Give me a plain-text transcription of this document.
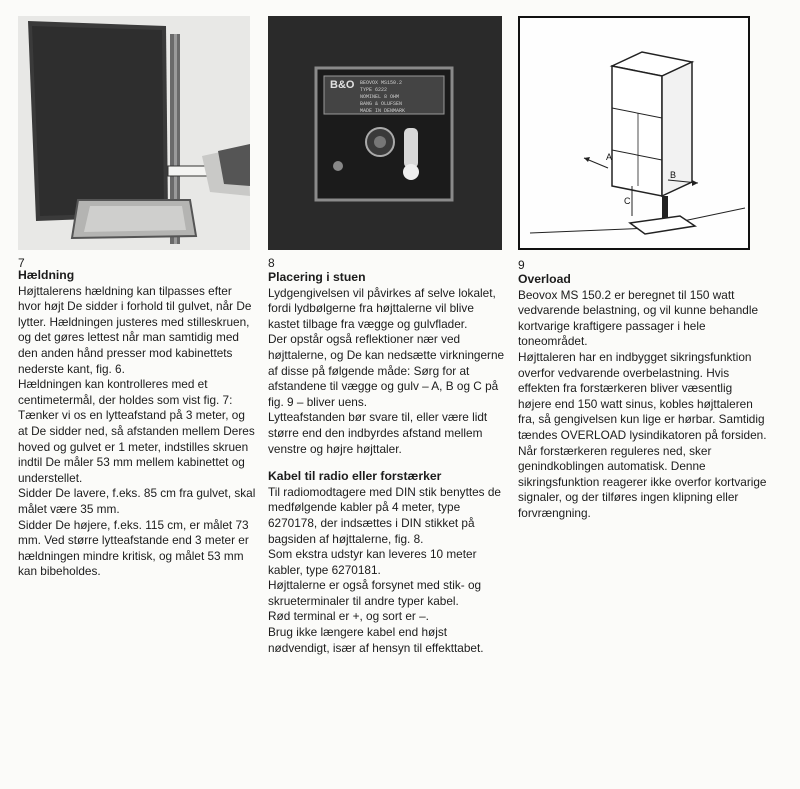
B&O BEOVOX MS150.2
TYPE 6222
NOMINEL 8 OHM
BANG & OLUFSEN
MADE IN DENMARK
A
B
C
7
Hældning

Højttalerens hældning kan tilpasses efter hvor højt De sidder i forhold til gulvet, når De lytter. Hældningen justeres med stilleskruen, og det gøres lettest når man samtidig med den anden hånd presser mod kabinettets nederste kant, fig. 6.

Hældningen kan kontrolleres med et centimetermål, der holdes som vist fig. 7:

Tænker vi os en lytteafstand på 3 meter, og at De sidder ned, så afstanden mellem Deres hoved og gulvet er 1 meter, indstilles skruen indtil De måler 53 mm mellem kabinettet og understellet.

Sidder De lavere, f.eks. 85 cm fra gulvet, skal målet være 35 mm.

Sidder De højere, f.eks. 115 cm, er målet 73 mm. Ved større lytteafstande end 3 meter er hældningen mindre kritisk, og målet 53 mm kan bibeholdes.

8
Placering i stuen

Lydgengivelsen vil påvirkes af selve lokalet, fordi lydbølgerne fra højttalerne vil blive kastet tilbage fra vægge og gulvflader.

Der opstår også reflektioner nær ved højttalerne, og De kan nedsætte virkningerne af disse på følgende måde: Sørg for at afstandene til vægge og gulv – A, B og C på fig. 9 – bliver uens.

Lytteafstanden bør svare til, eller være lidt større end den indbyrdes afstand mellem venstre og højre højttaler.

Kabel til radio eller forstærker

Til radiomodtagere med DIN stik benyttes de medfølgende kabler på 4 meter, type 6270178, der indsættes i DIN stikket på bagsiden af højttalerne, fig. 8.

Som ekstra udstyr kan leveres 10 meter kabler, type 6270181.

Højttalerne er også forsynet med stik- og skrueterminaler til andre typer kabel.

Rød terminal er +, og sort er –.

Brug ikke længere kabel end højst nødvendigt, især af hensyn til effekttabet.

9
Overload

Beovox MS 150.2 er beregnet til 150 watt vedvarende belastning, og vil kunne behandle kortvarige kraftigere passager i hele toneområdet.

Højttaleren har en indbygget sikringsfunktion overfor vedvarende overbelastning. Hvis effekten fra forstærkeren bliver væsentlig højere end 150 watt sinus, kobles højttaleren fra, så gengivelsen kun lige er hørbar. Samtidig tændes OVERLOAD lysindikatoren på forsiden. Når forstærkeren reguleres ned, sker genindkoblingen automatisk. Denne sikringsfunktion reagerer ikke overfor kortvarige signaler, og der tilføres ingen klipning eller forvrængning.
